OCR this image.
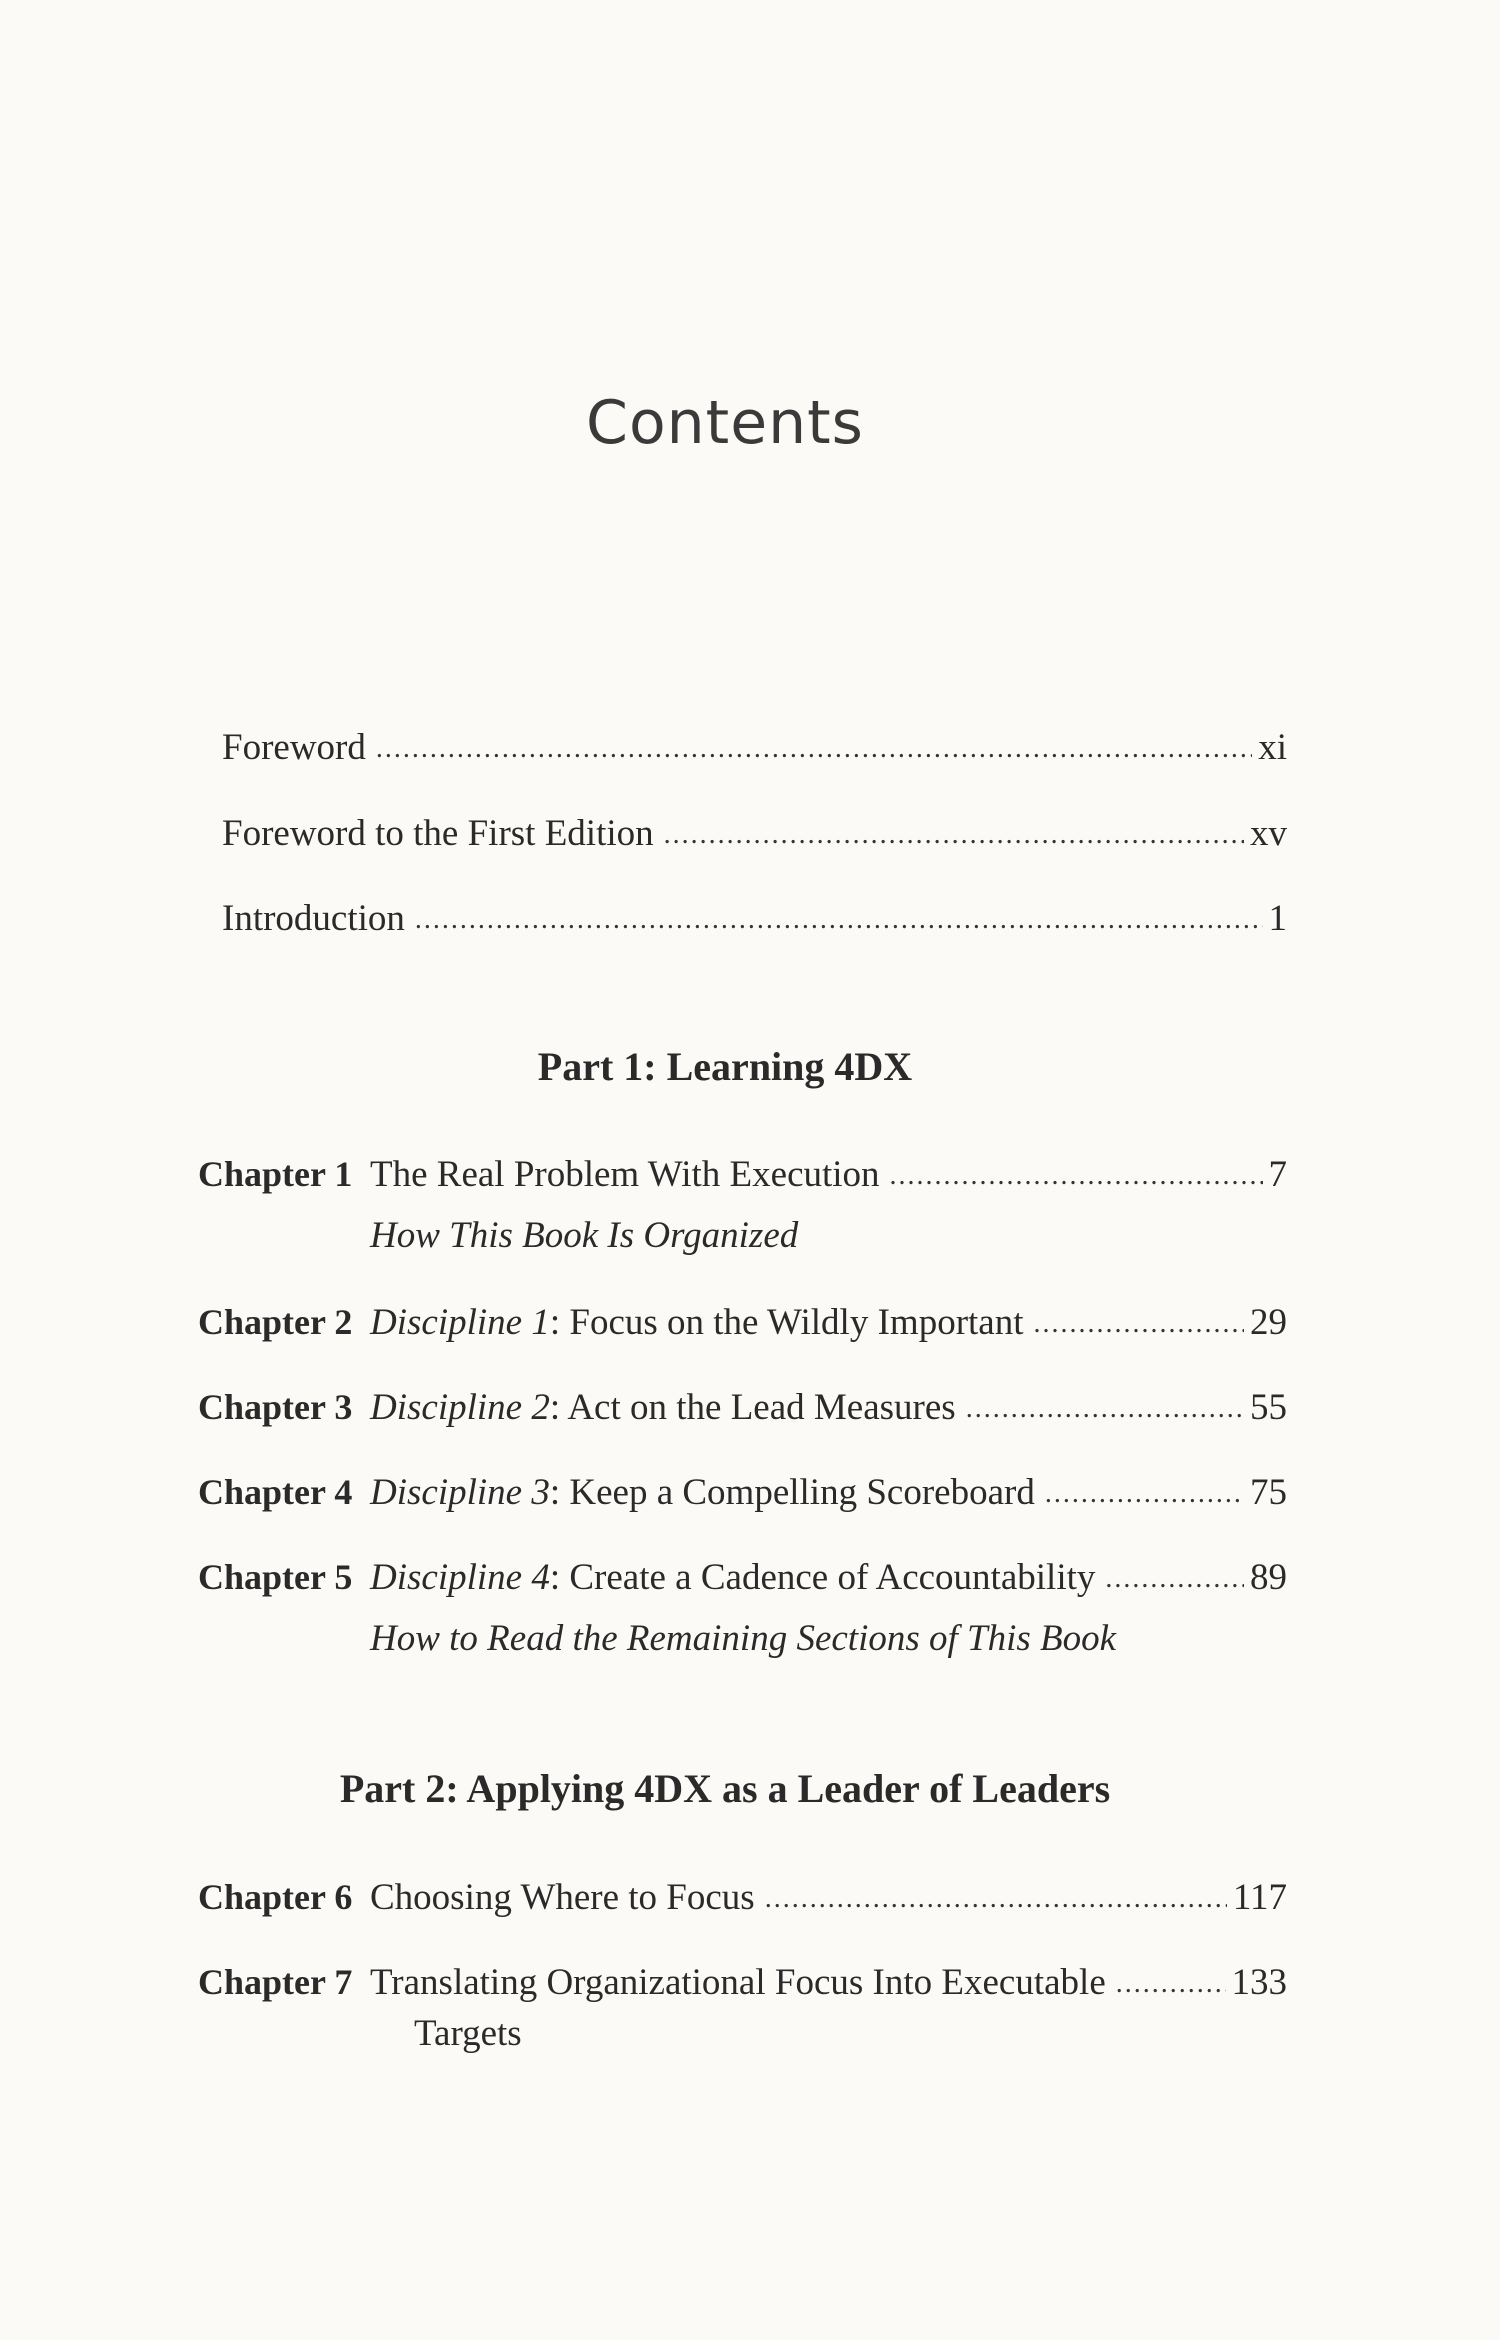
Contents
Foreword .....	xi
Foreword to the First Edition .....	xv
Introduction .....	1
Part 1: Learning 4DX
Chapter 1 The Real Problem With Execution .....	7
How This Book Is Organized
Chapter 2 Discipline 1: Focus on the Wildly Important .....	29
Chapter 3 Discipline 2: Act on the Lead Measures .....	55
Chapter 4 Discipline 3: Keep a Compelling Scoreboard .....	75
Chapter 5 Discipline 4: Create a Cadence of Accountability .....	89
How to Read the Remaining Sections of This Book
Part 2: Applying 4DX as a Leader of Leaders
Chapter 6 Choosing Where to Focus .....	117
Chapter 7 Translating Organizational Focus Into Executable .....	133
Targets
